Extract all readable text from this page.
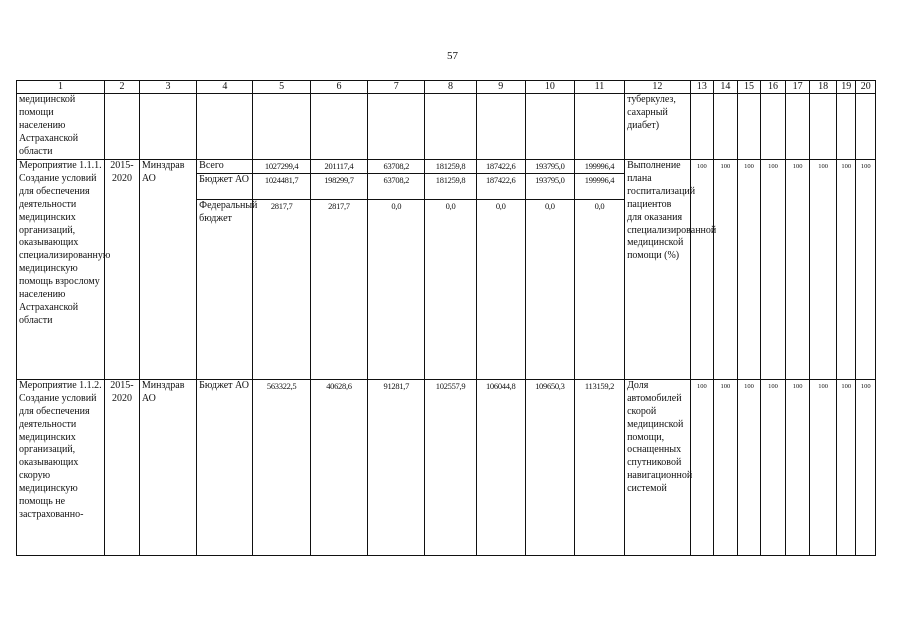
57
1	2	3	4	5	6	7	8	9	10	11	12	13	14	15	16	17	18	19	20
медицинской помощи населению Астраханской области											туберкулез, сахарный диабет)								
Мероприятие 1.1.1. Создание условий для обеспечения деятельности медицинских организаций, оказывающих специализированную медицинскую помощь взрослому населению Астраханской области	2015-2020	Минздрав АО	Всего	1027299,4	201117,4	63708,2	181259,8	187422,6	193795,0	199996,4	Выполнение плана госпитализаций пациентов для оказания специализированной медицинской помощи (%)	100	100	100	100	100	100	100	100
			Бюджет АО	1024481,7	198299,7	63708,2	181259,8	187422,6	193795,0	199996,4									
			Федеральный бюджет	2817,7	2817,7	0,0	0,0	0,0	0,0	0,0									
Мероприятие 1.1.2. Создание условий для обеспечения деятельности медицинских организаций, оказывающих скорую медицинскую помощь не застрахованно-	2015-2020	Минздрав АО	Бюджет АО	563322,5	40628,6	91281,7	102557,9	106044,8	109650,3	113159,2	Доля автомобилей скорой медицинской помощи, оснащенных спутниковой навигационной системой	100	100	100	100	100	100	100	100
